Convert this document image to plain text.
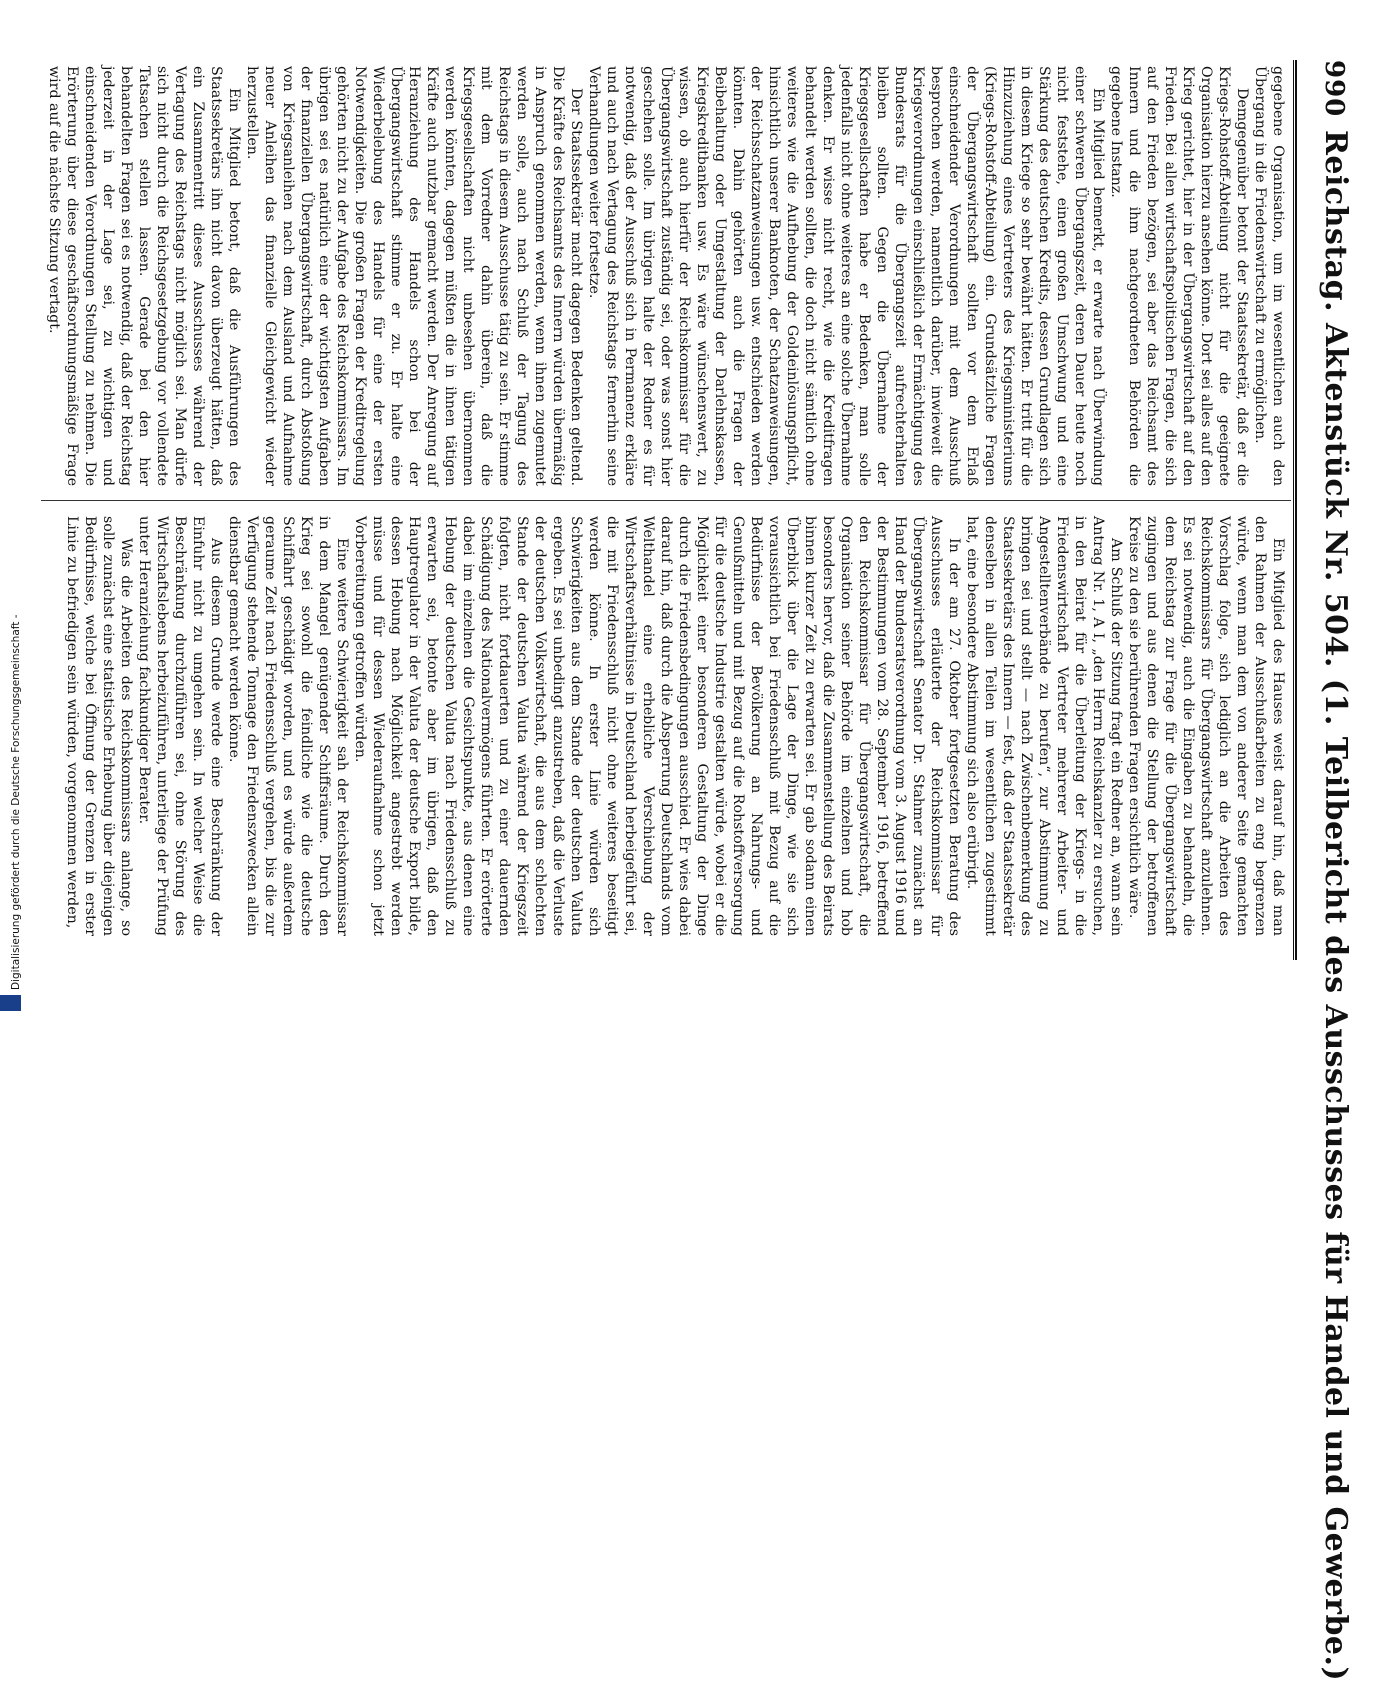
990
Reichstag. Aktenstück Nr. 504. (1. Teilbericht des Ausschusses für Handel und Gewerbe.)

gegebene Organisation, um im wesentlichen auch den Übergang in die Friedenswirtschaft zu ermöglichen.

Demgegenüber betont der Staatssekretär, daß er die Kriegs-Rohstoff-Abteilung nicht für die geeignete Organisation hierzu ansehen könne. Dort sei alles auf den Krieg gerichtet, hier in der Übergangswirtschaft auf den Frieden. Bei allen wirtschaftspolitischen Fragen, die sich auf den Frieden bezögen, sei aber das Reichsamt des Innern und die ihm nachgeordneten Behörden die gegebene Instanz.

Ein Mitglied bemerkt, er erwarte nach Überwindung einer schweren Übergangszeit, deren Dauer heute noch nicht feststehe, einen großen Umschwung und eine Stärkung des deutschen Kredits, dessen Grundlagen sich in diesem Kriege so sehr bewährt hätten. Er tritt für die Hinzuziehung eines Vertreters des Kriegsministeriums (Kriegs-Rohstoff-Abteilung) ein. Grundsätzliche Fragen der Übergangswirtschaft sollten vor dem Erlaß einschneidender Verordnungen mit dem Ausschuß besprochen werden, namentlich darüber, inwieweit die Kriegsverordnungen einschließlich der Ermächtigung des Bundesrats für die Übergangszeit aufrechterhalten bleiben sollten. Gegen die Übernahme der Kriegsgesellschaften habe er Bedenken, man solle jedenfalls nicht ohne weiteres an eine solche Übernahme denken. Er wisse nicht recht, wie die Kreditfragen behandelt werden sollten, die doch nicht sämtlich ohne weiteres wie die Aufhebung der Goldeinlösungspflicht, hinsichtlich unserer Banknoten, der Schatzanweisungen, der Reichsschatzanweisungen usw. entschieden werden könnten. Dahin gehörten auch die Fragen der Beibehaltung oder Umgestaltung der Darlehnskassen, Kriegskreditbanken usw. Es wäre wünschenswert, zu wissen, ob auch hierfür der Reichskommissar für die Übergangswirtschaft zuständig sei, oder was sonst hier geschehen solle. Im übrigen halte der Redner es für notwendig, daß der Ausschuß sich in Permanenz erkläre und auch nach Vertagung des Reichstags fernerhin seine Verhandlungen weiter fortsetze.

Der Staatssekretär macht dagegen Bedenken geltend. Die Kräfte des Reichsamts des Innern würden übermäßig in Anspruch genommen werden, wenn ihnen zugemutet werden solle, auch nach Schluß der Tagung des Reichstags in diesem Ausschusse tätig zu sein. Er stimme mit dem Vorredner dahin überein, daß die Kriegsgesellschaften nicht unbesehen übernommen werden könnten, dagegen müßten die in ihnen tätigen Kräfte auch nutzbar gemacht werden. Der Anregung auf Heranziehung des Handels schon bei der Übergangswirtschaft stimme er zu. Er halte eine Wiederbelebung des Handels für eine der ersten Notwendigkeiten. Die großen Fragen der Kreditregelung gehörten nicht zu der Aufgabe des Reichskommissars. Im übrigen sei es natürlich eine der wichtigsten Aufgaben der finanziellen Übergangswirtschaft, durch Abstoßung von Kriegsanleihen nach dem Ausland und Aufnahme neuer Anleihen das finanzielle Gleichgewicht wieder herzustellen.

Ein Mitglied betont, daß die Ausführungen des Staatssekretärs ihn nicht davon überzeugt hätten, daß ein Zusammentritt dieses Ausschusses während der Vertagung des Reichstags nicht möglich sei. Man dürfe sich nicht durch die Reichsgesetzgebung vor vollendete Tatsachen stellen lassen. Gerade bei den hier behandelten Fragen sei es notwendig, daß der Reichstag jederzeit in der Lage sei, zu wichtigen und einschneidenden Verordnungen Stellung zu nehmen. Die Erörterung über diese geschäftsordnungsmäßige Frage wird auf die nächste Sitzung vertagt.

Ein Mitglied des Hauses weist darauf hin, daß man den Rahmen der Ausschußarbeiten zu eng begrenzen würde, wenn man dem von anderer Seite gemachten Vorschlag folge, sich lediglich an die Arbeiten des Reichskommissars für Übergangswirtschaft anzulehnen. Es sei notwendig, auch die Eingaben zu behandeln, die dem Reichstag zur Frage für die Übergangswirtschaft zugingen und aus denen die Stellung der betroffenen Kreise zu den sie berührenden Fragen ersichtlich wäre.

Am Schluß der Sitzung fragt ein Redner an, wann sein Antrag Nr. 1, A I, „den Herrn Reichskanzler zu ersuchen, in den Beirat für die Überleitung der Kriegs- in die Friedenswirtschaft Vertreter mehrerer Arbeiter- und Angestelltenverbände zu berufen“, zur Abstimmung zu bringen sei und stellt — nach Zwischenbemerkung des Staatssekretärs des Innern — fest, daß der Staatssekretär denselben in allen Teilen im wesentlichen zugestimmt hat, eine besondere Abstimmung sich also erübrigt.

In der am 27. Oktober fortgesetzten Beratung des Ausschusses erläuterte der Reichskommissar für Übergangswirtschaft Senator Dr. Stahmer zunächst an Hand der Bundesratsverordnung vom 3. August 1916 und der Bestimmungen vom 28. September 1916, betreffend den Reichskommissar für Übergangswirtschaft, die Organisation seiner Behörde im einzelnen und hob besonders hervor, daß die Zusammenstellung des Beirats binnen kurzer Zeit zu erwarten sei. Er gab sodann einen Überblick über die Lage der Dinge, wie sie sich voraussichtlich bei Friedensschluß mit Bezug auf die Bedürfnisse der Bevölkerung an Nahrungs- und Genußmitteln und mit Bezug auf die Rohstoffversorgung für die deutsche Industrie gestalten würde, wobei er die Möglichkeit einer besonderen Gestaltung der Dinge durch die Friedensbedingungen ausschied. Er wies dabei darauf hin, daß durch die Absperrung Deutschlands vom Welthandel eine erhebliche Verschiebung der Wirtschaftsverhältnisse in Deutschland herbeigeführt sei, die mit Friedensschluß nicht ohne weiteres beseitigt werden könne. In erster Linie würden sich Schwierigkeiten aus dem Stande der deutschen Valuta ergeben. Es sei unbedingt anzustreben, daß die Verluste der deutschen Volkswirtschaft, die aus dem schlechten Stande der deutschen Valuta während der Kriegszeit folgten, nicht fortdauerten und zu einer dauernden Schädigung des Nationalvermögens führten. Er erörterte dabei im einzelnen die Gesichtspunkte, aus denen eine Hebung der deutschen Valuta nach Friedensschluß zu erwarten sei, betonte aber im übrigen, daß den Hauptregulator in der Valuta der deutsche Export bilde, dessen Hebung nach Möglichkeit angestrebt werden müsse und für dessen Wiederaufnahme schon jetzt Vorbereitungen getroffen würden.

Eine weitere Schwierigkeit sah der Reichskommissar in dem Mangel genügender Schiffsräume. Durch den Krieg sei sowohl die feindliche wie die deutsche Schiffahrt geschädigt worden, und es würde außerdem geraume Zeit nach Friedensschluß vergehen, bis die zur Verfügung stehende Tonnage den Friedenszwecken allein dienstbar gemacht werden könne.

Aus diesem Grunde werde eine Beschränkung der Einfuhr nicht zu umgehen sein. In welcher Weise die Beschränkung durchzuführen sei, ohne Störung des Wirtschaftslebens herbeizuführen, unterliege der Prüfung unter Heranziehung fachkundiger Berater.

Was die Arbeiten des Reichskommissars anlange, so solle zunächst eine statistische Erhebung über diejenigen Bedürfnisse, welche bei Öffnung der Grenzen in erster Linie zu befriedigen sein würden, vorgenommen werden,

Digitalisierung gefördert durch die Deutsche Forschungsgemeinschaft -
